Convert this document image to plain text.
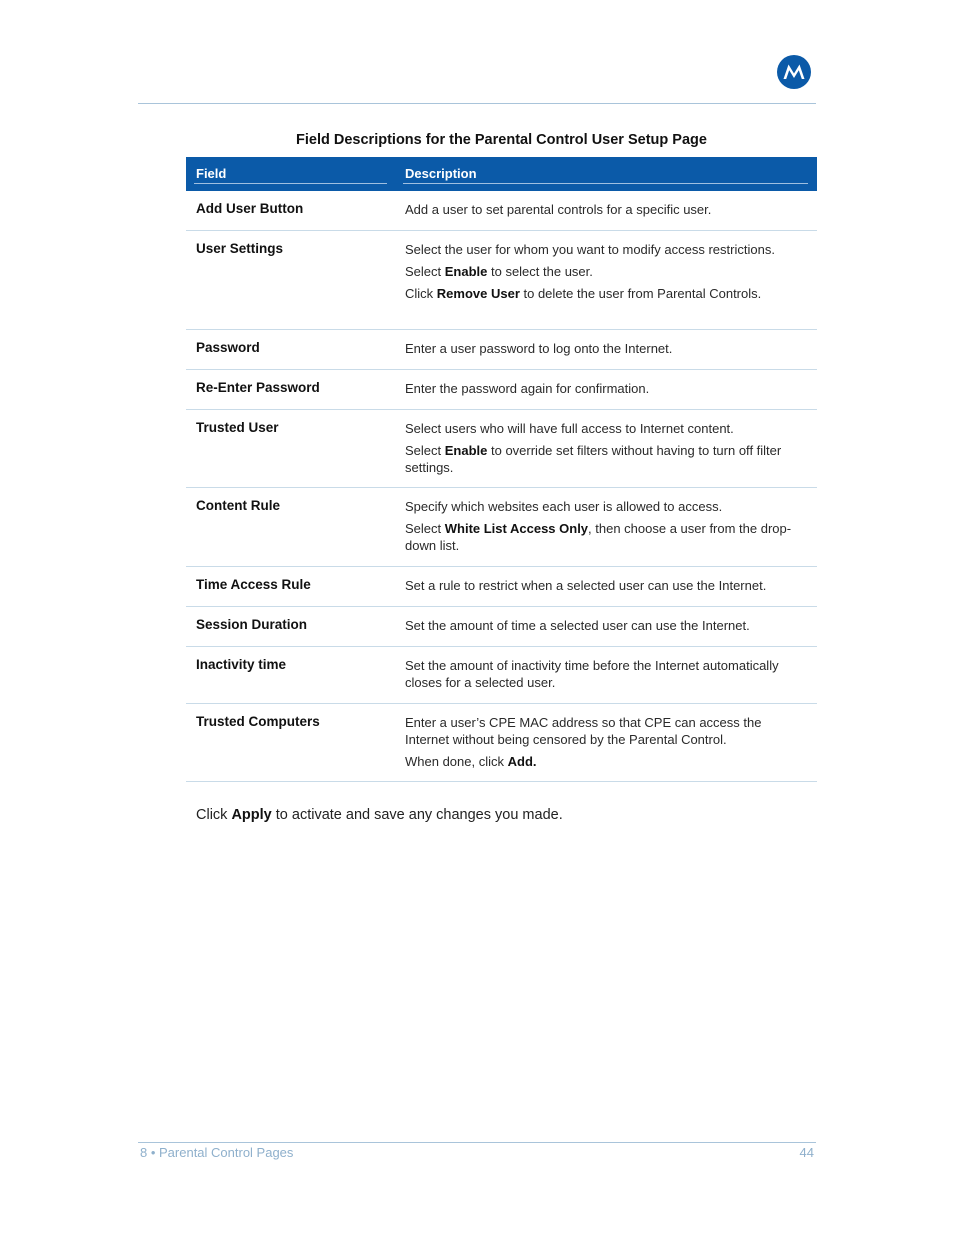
Field Descriptions for the Parental Control User Setup Page
Field	Description
Add User Button	Add a user to set parental controls for a specific user.

User Settings	Select the user for whom you want to modify access restrictions.

Select Enable to select the user.

Click Remove User to delete the user from Parental Controls.

Password	Enter a user password to log onto the Internet.

Re-Enter Password	Enter the password again for confirmation.

Trusted User	Select users who will have full access to Internet content.

Select Enable to override set filters without having to turn off filter settings.

Content Rule	Specify which websites each user is allowed to access.

Select White List Access Only, then choose a user from the drop-down list.

Time Access Rule	Set a rule to restrict when a selected user can use the Internet.

Session Duration	Set the amount of time a selected user can use the Internet.

Inactivity time	Set the amount of inactivity time before the Internet automatically closes for a selected user.

Trusted Computers	Enter a user’s CPE MAC address so that CPE can access the Internet without being censored by the Parental Control.

When done, click Add.

Click Apply to activate and save any changes you made.
8 • Parental Control Pages	44
